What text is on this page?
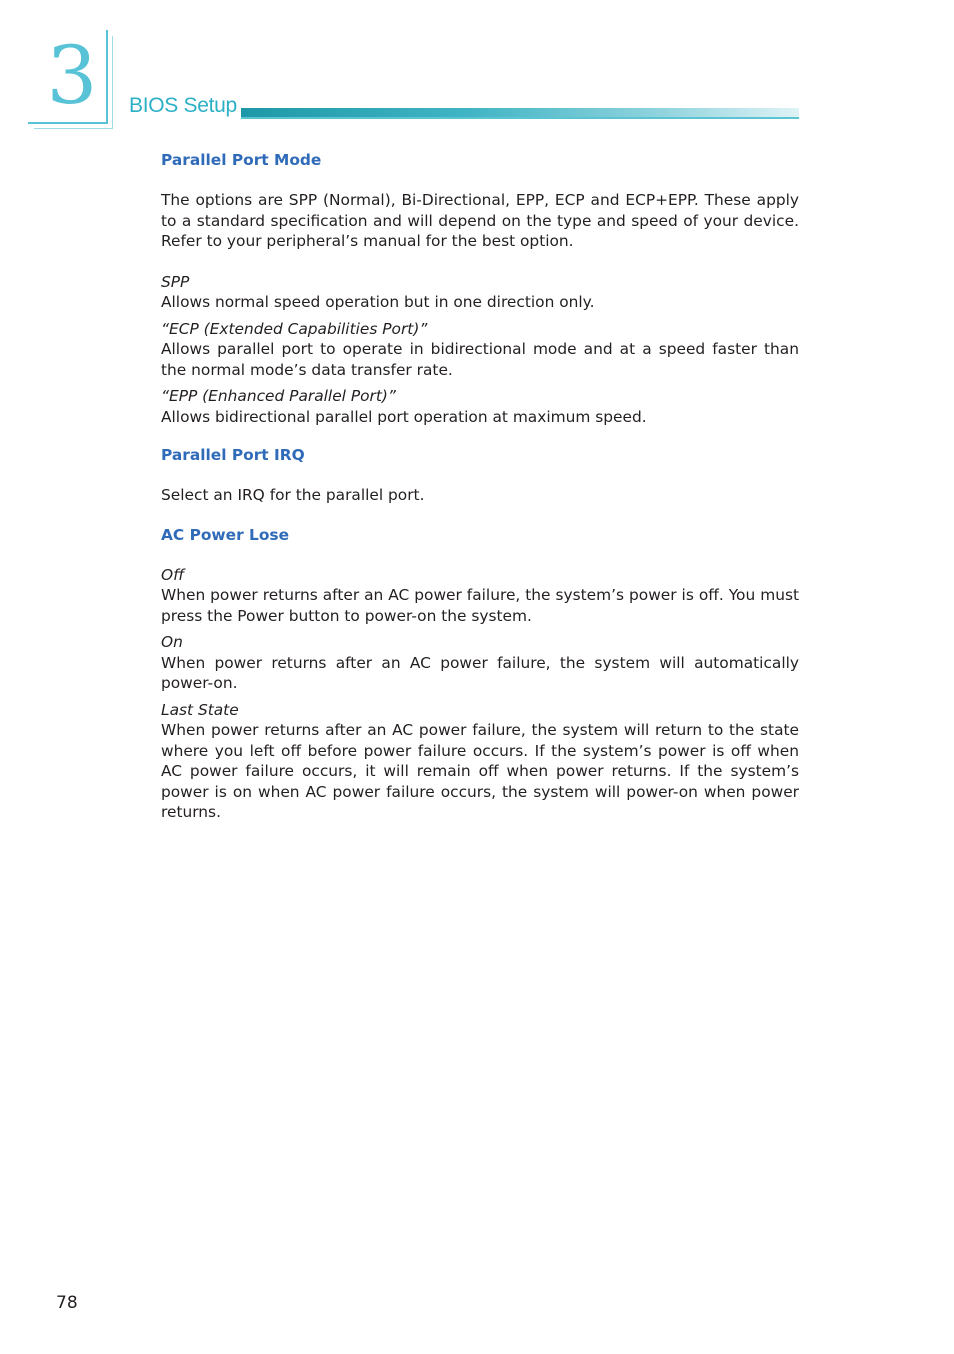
3 BIOS Setup
Parallel Port Mode

The options are SPP (Normal), Bi-Directional, EPP, ECP and ECP+EPP. These apply to a standard specification and will depend on the type and speed of your device. Refer to your peripheral’s manual for the best option.

SPP

Allows normal speed operation but in one direction only.

“ECP (Extended Capabilities Port)”

Allows parallel port to operate in bidirectional mode and at a speed faster than the normal mode’s data transfer rate.

“EPP (Enhanced Parallel Port)”

Allows bidirectional parallel port operation at maximum speed.

Parallel Port IRQ

Select an IRQ for the parallel port.

AC Power Lose

Off

When power returns after an AC power failure, the system’s power is off. You must press the Power button to power-on the system.

On

When power returns after an AC power failure, the system will automatically power-on.

Last State

When power returns after an AC power failure, the system will return to the state where you left off before power failure occurs. If the system’s power is off when AC power failure occurs, it will remain off when power returns. If the system’s power is on when AC power failure occurs, the system will power-on when power returns.

78
